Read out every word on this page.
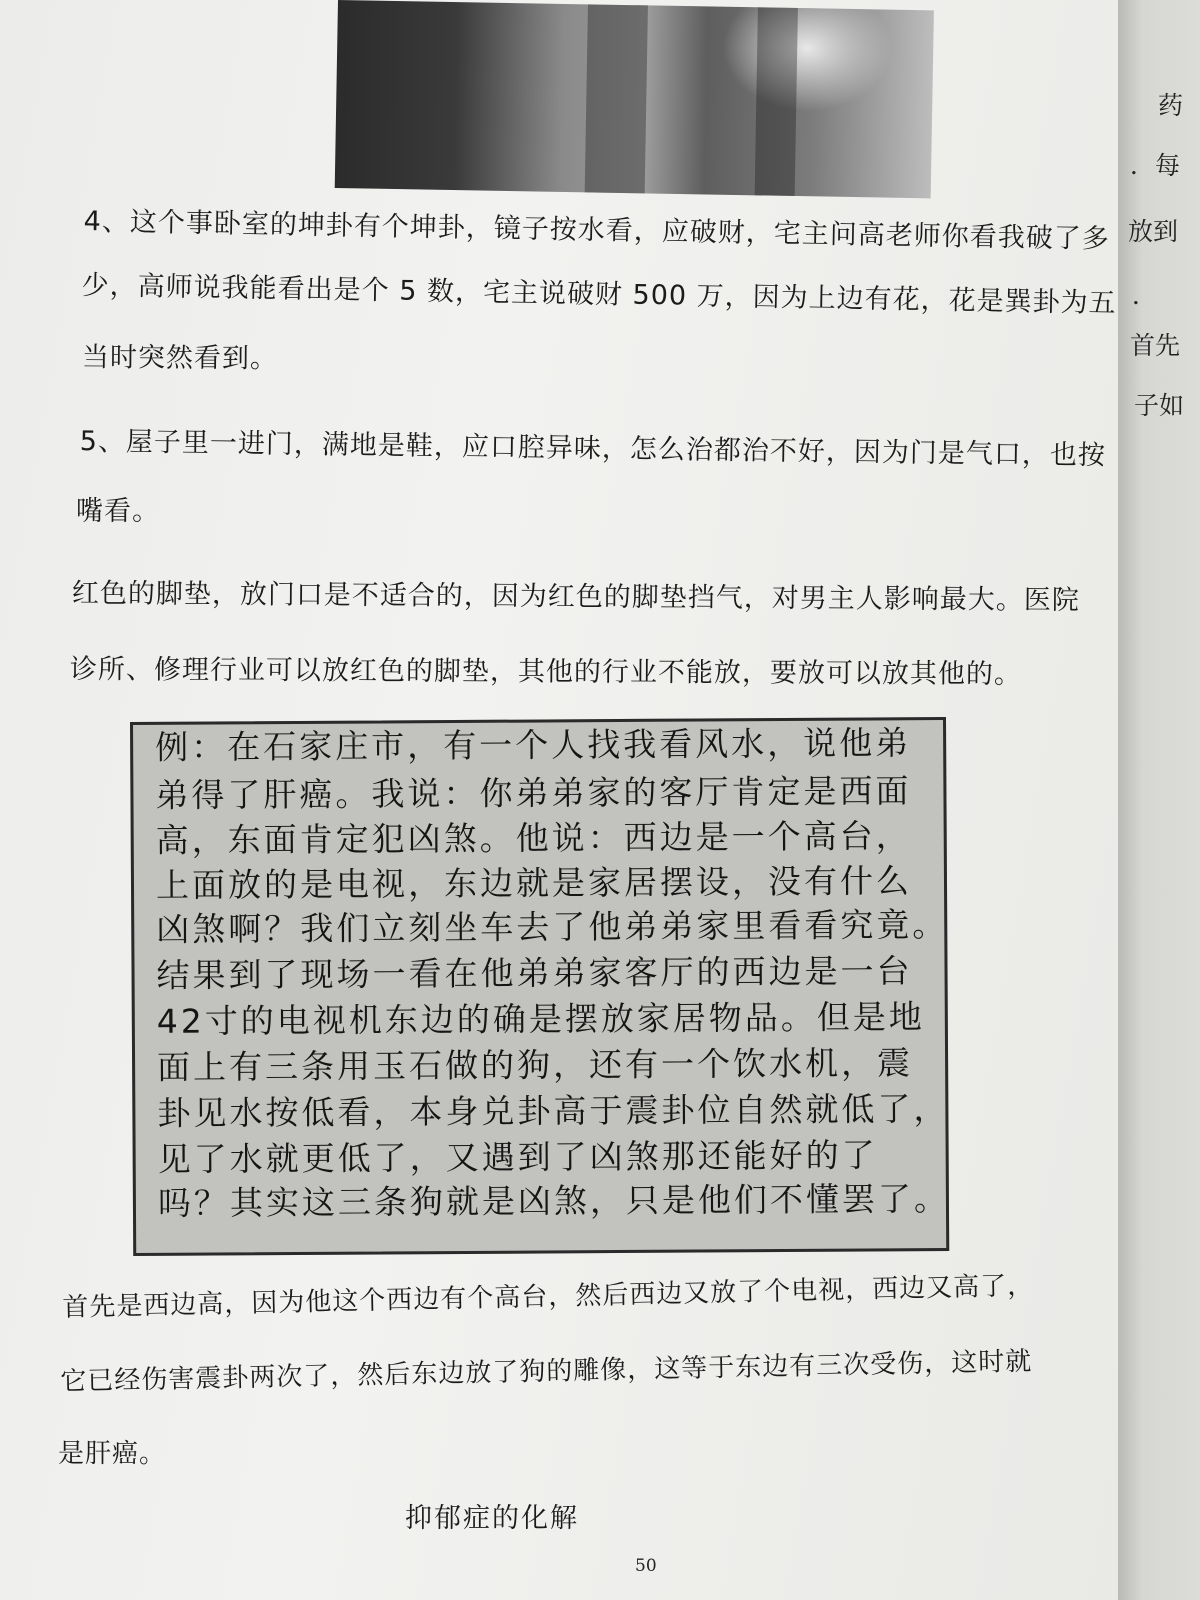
4、这个事卧室的坤卦有个坤卦，镜子按水看，应破财，宅主问高老师你看我破了多
少，高师说我能看出是个 5 数，宅主说破财 500 万，因为上边有花，花是巽卦为五
当时突然看到。
5、屋子里一进门，满地是鞋，应口腔异味，怎么治都治不好，因为门是气口，也按
嘴看。
红色的脚垫，放门口是不适合的，因为红色的脚垫挡气，对男主人影响最大。医院
诊所、修理行业可以放红色的脚垫，其他的行业不能放，要放可以放其他的。
例：在石家庄市，有一个人找我看风水，说他弟
弟得了肝癌。我说：你弟弟家的客厅肯定是西面
高，东面肯定犯凶煞。他说：西边是一个高台，
上面放的是电视，东边就是家居摆设，没有什么
凶煞啊？我们立刻坐车去了他弟弟家里看看究竟。
结果到了现场一看在他弟弟家客厅的西边是一台
42寸的电视机东边的确是摆放家居物品。但是地
面上有三条用玉石做的狗，还有一个饮水机，震
卦见水按低看，本身兑卦高于震卦位自然就低了，
见了水就更低了，又遇到了凶煞那还能好的了
吗？其实这三条狗就是凶煞，只是他们不懂罢了。
首先是西边高，因为他这个西边有个高台，然后西边又放了个电视，西边又高了，
它已经伤害震卦两次了，然后东边放了狗的雕像，这等于东边有三次受伤，这时就
是肝癌。
抑郁症的化解
50
药
．每
放到
．
首先
子如
